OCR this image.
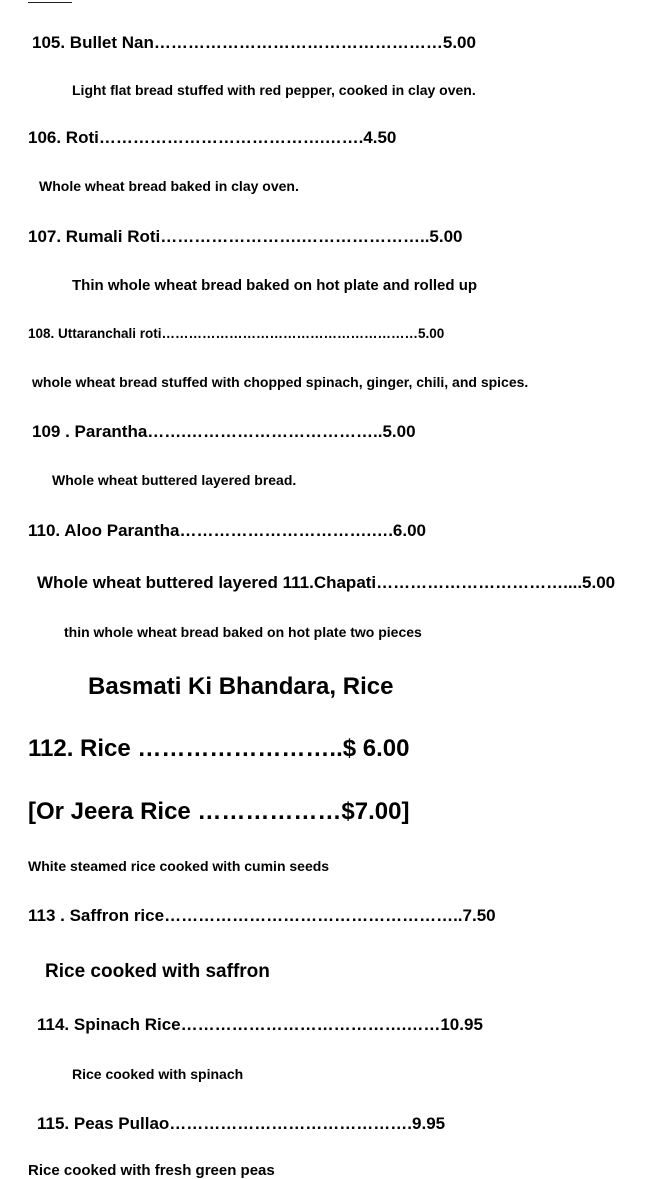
105. Bullet Nan……………………………………………5.00
Light flat bread stuffed with red pepper, cooked in clay oven.
106. Roti………………………………….…….4.50
Whole wheat bread baked in clay oven.
107. Rumali Roti…………………….…………………..5.00
Thin whole wheat bread baked on hot plate and rolled up
108. Uttaranchali roti…………………………………………………5.00
whole wheat bread stuffed with chopped spinach, ginger, chili, and spices.
109 . Parantha…….……………………………..5.00
Whole wheat buttered layered bread.
110. Aloo Parantha…………………………….….6.00
Whole wheat buttered layered 111.Chapati……………………………....5.00
thin whole wheat bread baked on hot plate two pieces
Basmati Ki Bhandara, Rice
112. Rice ……………………..$ 6.00
[Or Jeera Rice ………………$7.00]
White steamed rice cooked with cumin seeds
113 . Saffron rice……………………………………………..7.50
Rice cooked with saffron
114. Spinach Rice………………………………….……10.95
Rice cooked with spinach
115. Peas Pullao…………………………………….9.95
Rice cooked with fresh green peas
